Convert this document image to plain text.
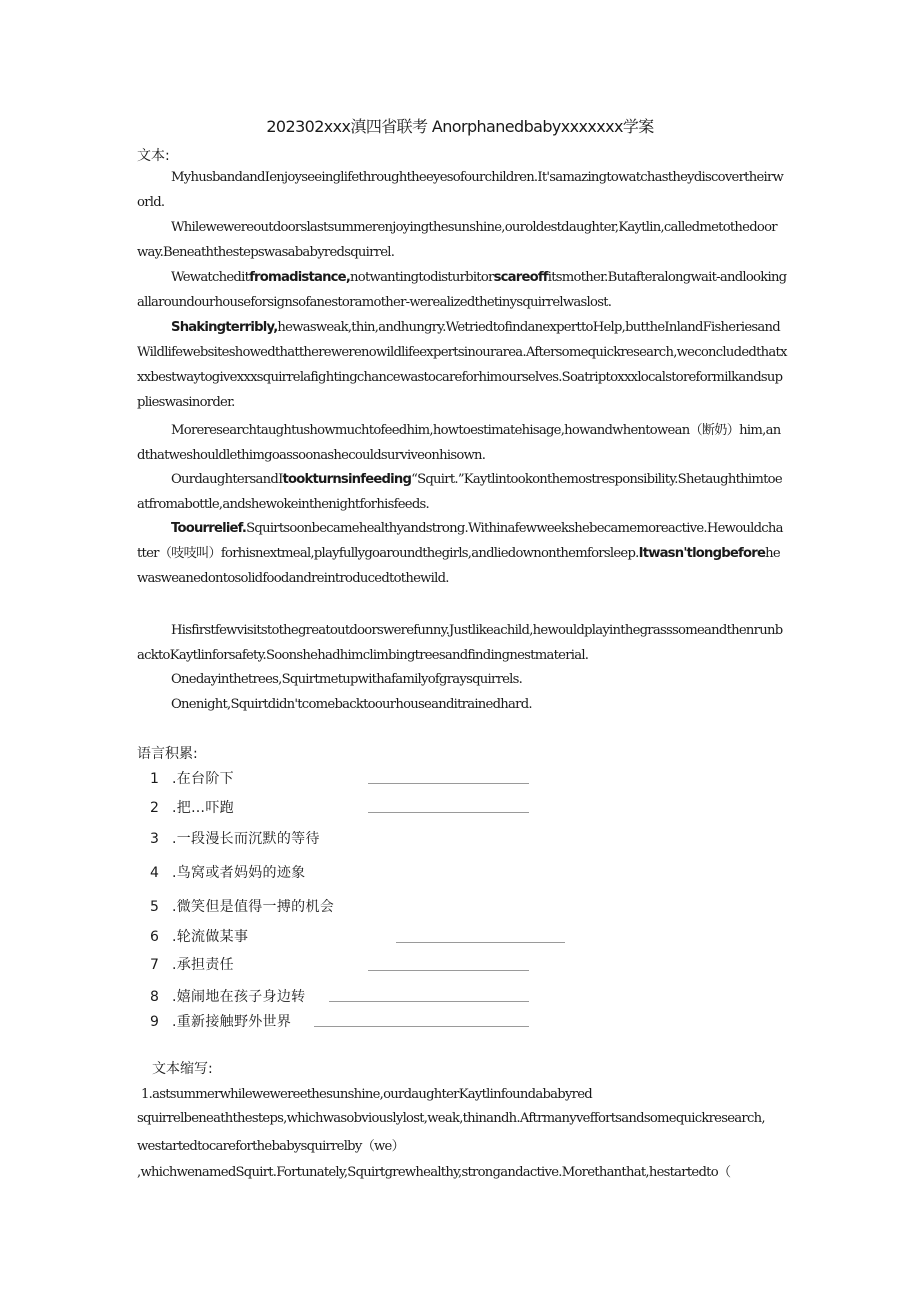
202302xxx滇四省联考 Anorphanedbabyxxxxxxx学案
文本:
MyhusbandandIenjoyseeinglifethroughtheeyesofourchildren.It'samazingtowatchastheydiscovertheirworld.
Whilewewereoutdoorslastsummerenjoyingthesunshine,ouroldestdaughter,Kaytlin,calledmetothedoorway.Beneaththestepswasababyredsquirrel.
Wewatcheditfromadistance,notwantingtodisturbitorscareoffitsmother.Butafteralongwait-andlookingallaroundourhouseforsignsofanestoramother-werealizedthetinysquirrelwaslost.
Shakingterribly,hewasweak,thin,andhungry.WetriedtofindanexperttoHelp,buttheInlandFisheriesandWildlifewebsiteshowedthattherewerenowildlifeexpertsinourarea.Aftersomequickresearch,weconcludedthatxxxbestwaytogivexxxsquirrelafightingchancewastocareforhimourselves.Soatriptoxxxlocalstoreformilkandsupplieswasinorder.
Moreresearchtaughtushowmuchtofeedhim,howtoestimatehisage,howandwhentowean（断奶）him,andthatweshouldlethimgoassoonashecouldsurviveonhisown.
OurdaughtersandItookturnsinfeeding“Squirt.”Kaytlintookonthemostresponsibility.Shetaughthimtoeatfromabottle,andshewokeinthenightforhisfeeds.
Toourrelief.Squirtsoonbecamehealthyandstrong.Withinafewweekshebecamemoreactive.Hewouldchatter（吱吱叫）forhisnextmeal,playfullygoaroundthegirls,andliedownonthemforsleep.Itwasn'tlongbeforehewasweanedontosolidfoodandreintroducedtothewild.
Hisfirstfewvisitstothegreatoutdoorswerefunny.Justlikeachild,hewouldplayinthegrasssomeandthenrunbacktoKaytlinforsafety.Soonshehadhimclimbingtreesandfindingnestmaterial.
Onedayinthetrees,Squirtmetupwithafamilyofgraysquirrels.
Onenight,Squirtdidn'tcomebacktoourhouseanditrainedhard.
语言积累:
1 .在台阶下
2 .把…吓跑
3 .一段漫长而沉默的等待
4 .鸟窝或者妈妈的迹象
5 .微笑但是值得一搏的机会
6 .轮流做某事
7 .承担责任
8 .嬉闹地在孩子身边转
9 .重新接触野外世界
文本缩写:
1.astsummerwhilewewereethesunshine,ourdaughterKaytlinfoundababyred
squirrelbeneaththesteps,whichwasobviouslylost,weak,thinandh.Aftrmanyveffortsandsomequickresearch,
westartedtocareforthebabysquirrelby（we）
,whichwenamedSquirt.Fortunately,Squirtgrewhealthy,strongandactive.Morethanthat,hestartedto（
